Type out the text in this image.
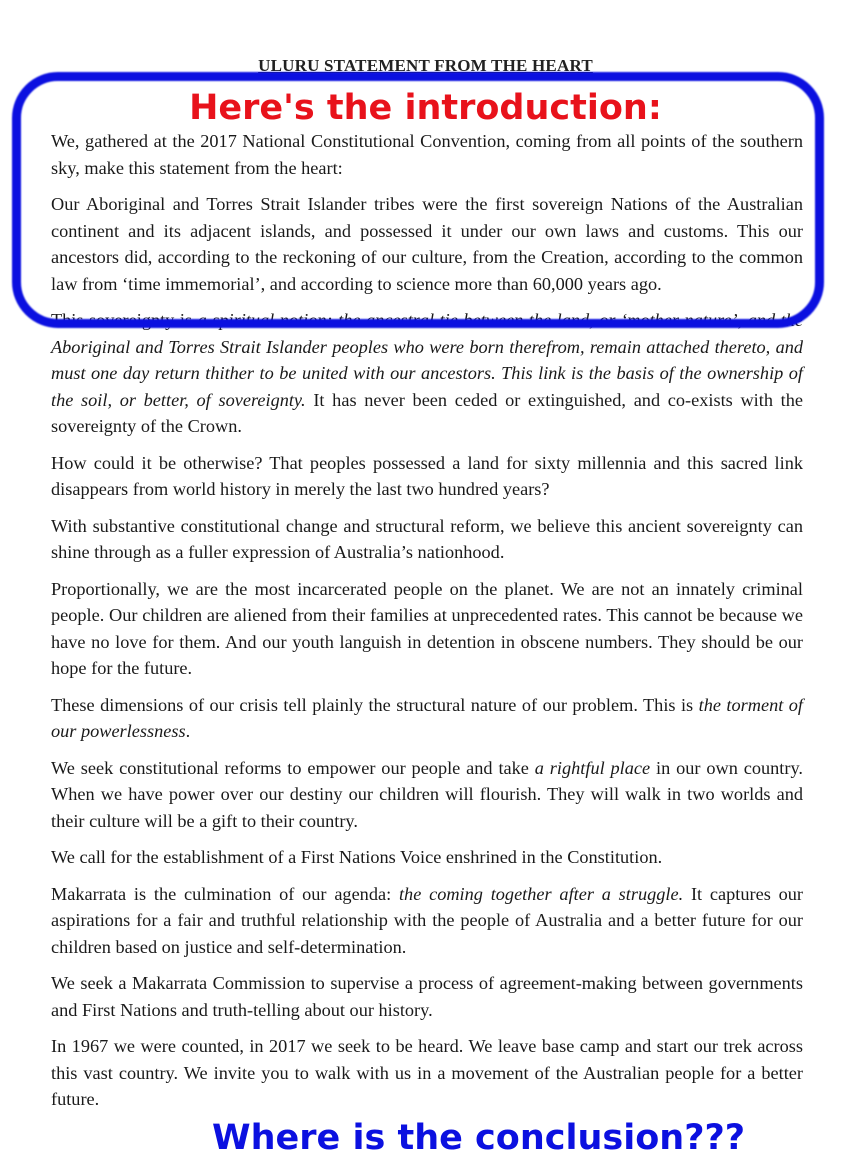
ULURU STATEMENT FROM THE HEART

We, gathered at the 2017 National Constitutional Convention, coming from all points of the southern sky, make this statement from the heart:

Our Aboriginal and Torres Strait Islander tribes were the first sovereign Nations of the Australian continent and its adjacent islands, and possessed it under our own laws and customs. This our ancestors did, according to the reckoning of our culture, from the Creation, according to the common law from ‘time immemorial’, and according to science more than 60,000 years ago.

This sovereignty is a spiritual notion: the ancestral tie between the land, or ‘mother nature’, and the Aboriginal and Torres Strait Islander peoples who were born therefrom, remain attached thereto, and must one day return thither to be united with our ancestors. This link is the basis of the ownership of the soil, or better, of sovereignty. It has never been ceded or extinguished, and co-exists with the sovereignty of the Crown.

How could it be otherwise? That peoples possessed a land for sixty millennia and this sacred link disappears from world history in merely the last two hundred years?

With substantive constitutional change and structural reform, we believe this ancient sovereignty can shine through as a fuller expression of Australia’s nationhood.

Proportionally, we are the most incarcerated people on the planet. We are not an innately criminal people. Our children are aliened from their families at unprecedented rates. This cannot be because we have no love for them. And our youth languish in detention in obscene numbers. They should be our hope for the future.

These dimensions of our crisis tell plainly the structural nature of our problem. This is the torment of our powerlessness.

We seek constitutional reforms to empower our people and take a rightful place in our own country. When we have power over our destiny our children will flourish. They will walk in two worlds and their culture will be a gift to their country.

We call for the establishment of a First Nations Voice enshrined in the Constitution.

Makarrata is the culmination of our agenda: the coming together after a struggle. It captures our aspirations for a fair and truthful relationship with the people of Australia and a better future for our children based on justice and self-determination.

We seek a Makarrata Commission to supervise a process of agreement-making between governments and First Nations and truth-telling about our history.

In 1967 we were counted, in 2017 we seek to be heard. We leave base camp and start our trek across this vast country. We invite you to walk with us in a movement of the Australian people for a better future.

Here's the introduction:
Where is the conclusion???
